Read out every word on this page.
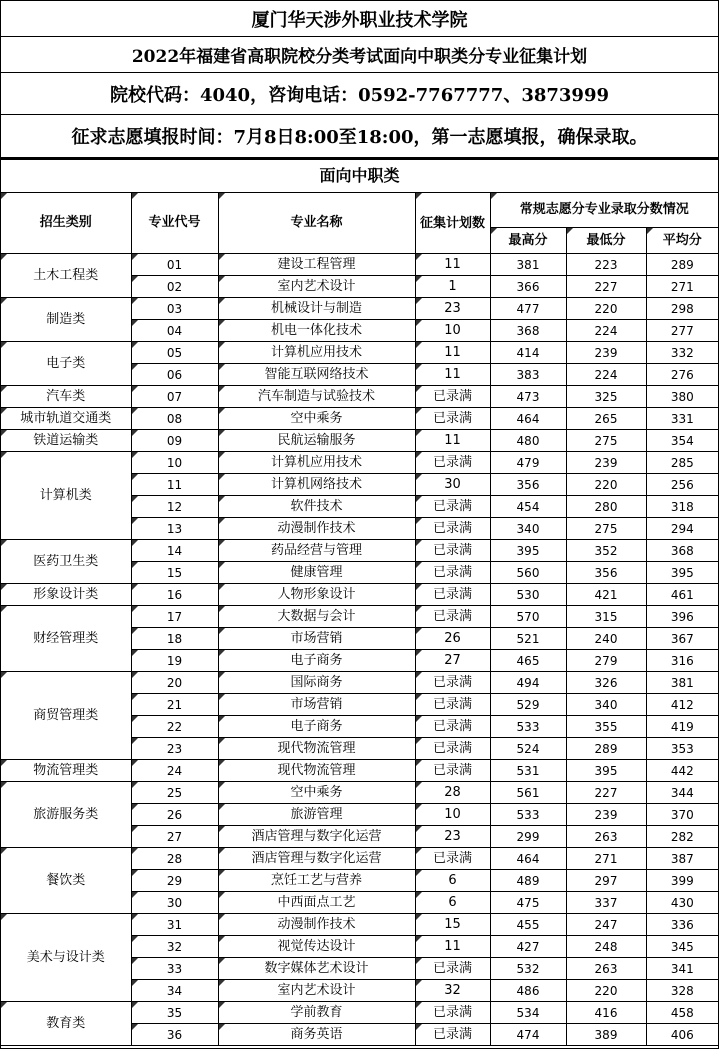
厦门华天涉外职业技术学院
2022年福建省高职院校分类考试面向中职类分专业征集计划
院校代码：4040，咨询电话：0592-7767777、3873999
征求志愿填报时间：7月8日8:00至18:00，第一志愿填报，确保录取。
面向中职类						
招生类别	专业代号	专业名称	征集计划数	常规志愿分专业录取分数情况		
				最高分	最低分	平均分
土木工程类	01	建设工程管理	11	381	223	289
	02	室内艺术设计	1	366	227	271
制造类	03	机械设计与制造	23	477	220	298
	04	机电一体化技术	10	368	224	277
电子类	05	计算机应用技术	11	414	239	332
	06	智能互联网络技术	11	383	224	276
汽车类	07	汽车制造与试验技术	已录满	473	325	380
城市轨道交通类	08	空中乘务	已录满	464	265	331
铁道运输类	09	民航运输服务	11	480	275	354
计算机类	10	计算机应用技术	已录满	479	239	285
	11	计算机网络技术	30	356	220	256
	12	软件技术	已录满	454	280	318
	13	动漫制作技术	已录满	340	275	294
医药卫生类	14	药品经营与管理	已录满	395	352	368
	15	健康管理	已录满	560	356	395
形象设计类	16	人物形象设计	已录满	530	421	461
财经管理类	17	大数据与会计	已录满	570	315	396
	18	市场营销	26	521	240	367
	19	电子商务	27	465	279	316
商贸管理类	20	国际商务	已录满	494	326	381
	21	市场营销	已录满	529	340	412
	22	电子商务	已录满	533	355	419
	23	现代物流管理	已录满	524	289	353
物流管理类	24	现代物流管理	已录满	531	395	442
旅游服务类	25	空中乘务	28	561	227	344
	26	旅游管理	10	533	239	370
	27	酒店管理与数字化运营	23	299	263	282
餐饮类	28	酒店管理与数字化运营	已录满	464	271	387
	29	烹饪工艺与营养	6	489	297	399
	30	中西面点工艺	6	475	337	430
美术与设计类	31	动漫制作技术	15	455	247	336
	32	视觉传达设计	11	427	248	345
	33	数字媒体艺术设计	已录满	532	263	341
	34	室内艺术设计	32	486	220	328
教育类	35	学前教育	已录满	534	416	458
	36	商务英语	已录满	474	389	406
